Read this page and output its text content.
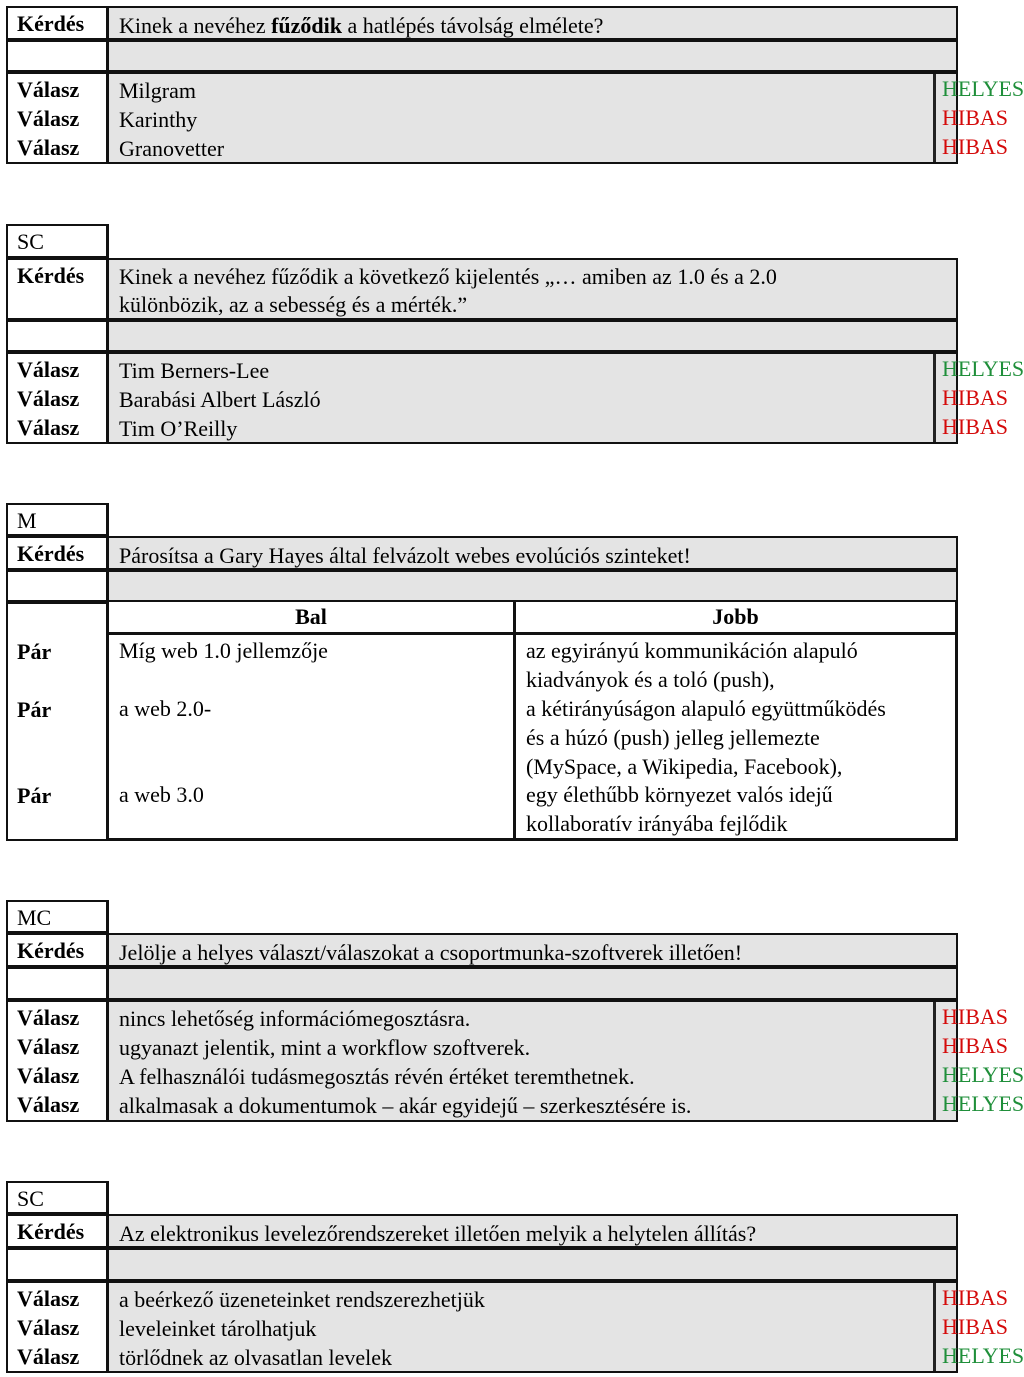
Kérdés Kinek a nevéhez fűződik a hatlépés távolság elmélete?
Válasz
Válasz
Válasz
Milgram
Karinthy
Granovetter
HELYES
HIBAS
HIBAS
SC
Kérdés Kinek a nevéhez fűződik a következő kijelentés „… amiben az 1.0 és a 2.0
különbözik, az a sebesség és a mérték.”
Válasz
Válasz
Válasz
Tim Berners-Lee
Barabási Albert László
Tim O’Reilly
HELYES
HIBAS
HIBAS
M
Kérdés Párosítsa a Gary Hayes által felvázolt webes evolúciós szinteket!
Pár
Pár
Pár
Bal
Míg web 1.0 jellemzője
a web 2.0-
a web 3.0
Jobb
az egyirányú kommunikáción alapuló
kiadványok és a toló (push),
a kétirányúságon alapuló együttműködés
és a húzó (push) jelleg jellemezte
(MySpace, a Wikipedia, Facebook),
egy élethűbb környezet valós idejű
kollaboratív irányába fejlődik
MC
Kérdés Jelölje a helyes választ/válaszokat a csoportmunka-szoftverek illetően!
Válasz
Válasz
Válasz
Válasz
nincs lehetőség információmegosztásra.
ugyanazt jelentik, mint a workflow szoftverek.
A felhasználói tudásmegosztás révén értéket teremthetnek.
alkalmasak a dokumentumok – akár egyidejű – szerkesztésére is.
HIBAS
HIBAS
HELYES
HELYES
SC
Kérdés Az elektronikus levelezőrendszereket illetően melyik a helytelen állítás?
Válasz
Válasz
Válasz
a beérkező üzeneteinket rendszerezhetjük
leveleinket tárolhatjuk
törlődnek az olvasatlan levelek
HIBAS
HIBAS
HELYES
